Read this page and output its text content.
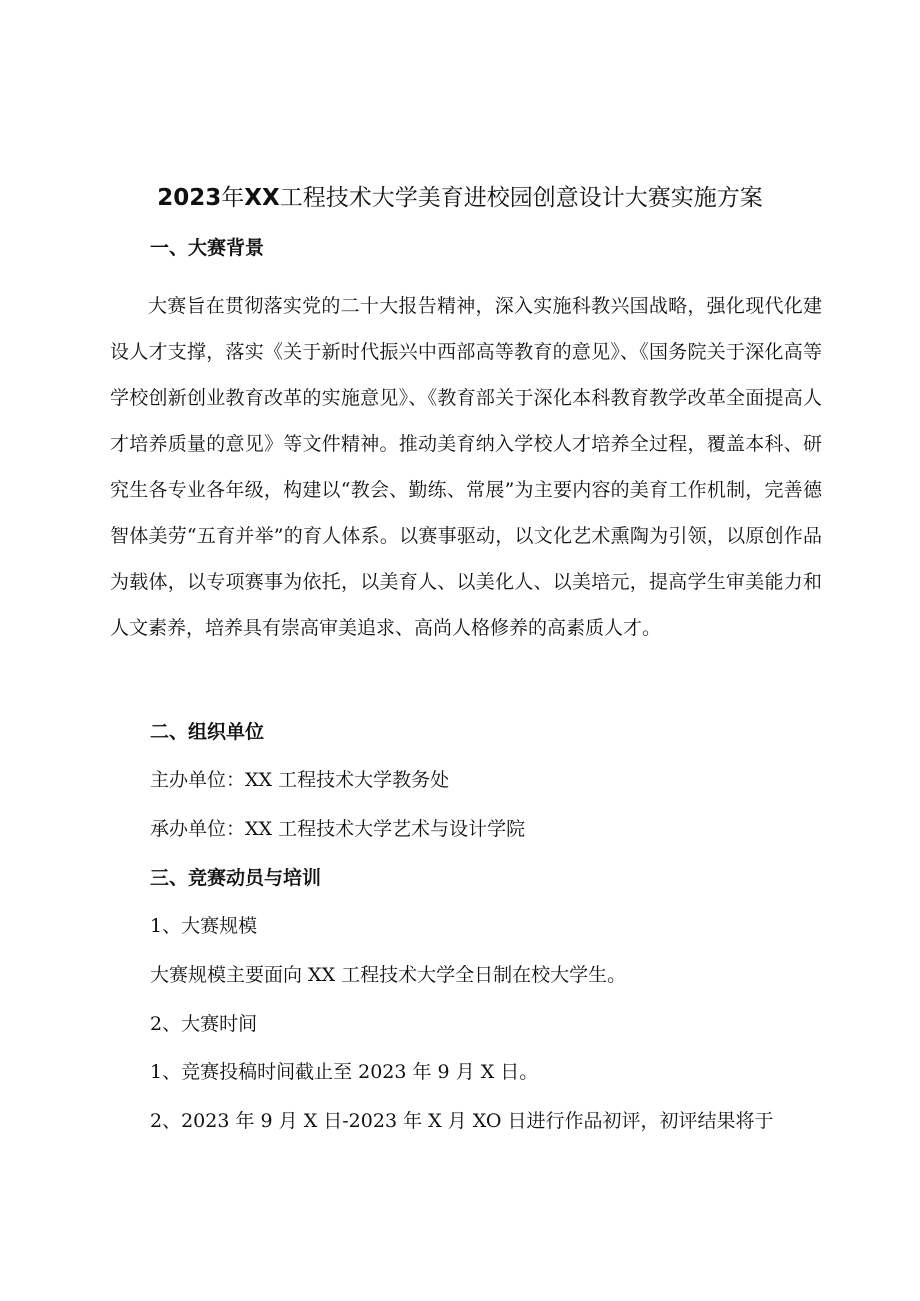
2023年XX工程技术大学美育进校园创意设计大赛实施方案
一、大赛背景
大赛旨在贯彻落实党的二十大报告精神，深入实施科教兴国战略，强化现代化建设人才支撑，落实《关于新时代振兴中西部高等教育的意见》、《国务院关于深化高等学校创新创业教育改革的实施意见》、《教育部关于深化本科教育教学改革全面提高人才培养质量的意见》等文件精神。推动美育纳入学校人才培养全过程，覆盖本科、研究生各专业各年级，构建以“教会、勤练、常展”为主要内容的美育工作机制，完善德智体美劳“五育并举”的育人体系。以赛事驱动，以文化艺术熏陶为引领，以原创作品为载体，以专项赛事为依托，以美育人、以美化人、以美培元，提高学生审美能力和人文素养，培养具有崇高审美追求、高尚人格修养的高素质人才。
二、组织单位
主办单位：XX 工程技术大学教务处
承办单位：XX 工程技术大学艺术与设计学院
三、竞赛动员与培训
1、大赛规模
大赛规模主要面向 XX 工程技术大学全日制在校大学生。
2、大赛时间
1、竞赛投稿时间截止至 2023 年 9 月 X 日。
2、2023 年 9 月 X 日-2023 年 X 月 XO 日进行作品初评，初评结果将于
